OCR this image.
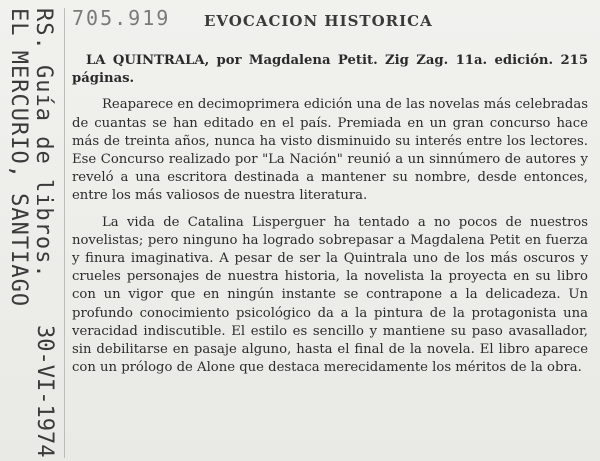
EL MERCURIO, SANTIAGO RS. Guía de libros. 705.919 EVOCACION HISTORICA

LA QUINTRALA, por Magdalena Petit. Zig Zag. 11a. edición. 215 páginas.

Reaparece en decimoprimera edición una de las novelas más celebradas de cuantas se han editado en el país. Premiada en un gran concurso hace más de treinta años, nunca ha visto disminuido su interés entre los lectores. Ese Concurso realizado por "La Nación" reunió a un sinnúmero de autores y reveló a una escritora destinada a mantener su nombre, desde entonces, entre los más valiosos de nuestra literatura.

La vida de Catalina Lisperguer ha tentado a no pocos de nuestros novelistas; pero ninguno ha logrado sobrepasar a Magdalena Petit en fuerza y finura imaginativa. A pesar de ser la Quintrala uno de los más oscuros y crueles personajes de nuestra historia, la novelista la proyecta en su libro con un vigor que en ningún instante se contrapone a la delicadeza. Un profundo conocimiento psicológico da a la pintura de la protagonista una veracidad indiscutible. El estilo es sencillo y mantiene su paso avasallador, sin debilitarse en pasaje alguno, hasta el final de la novela. El libro aparece con un prólogo de Alone que destaca merecidamente los méritos de la obra.

30-VI-1974
